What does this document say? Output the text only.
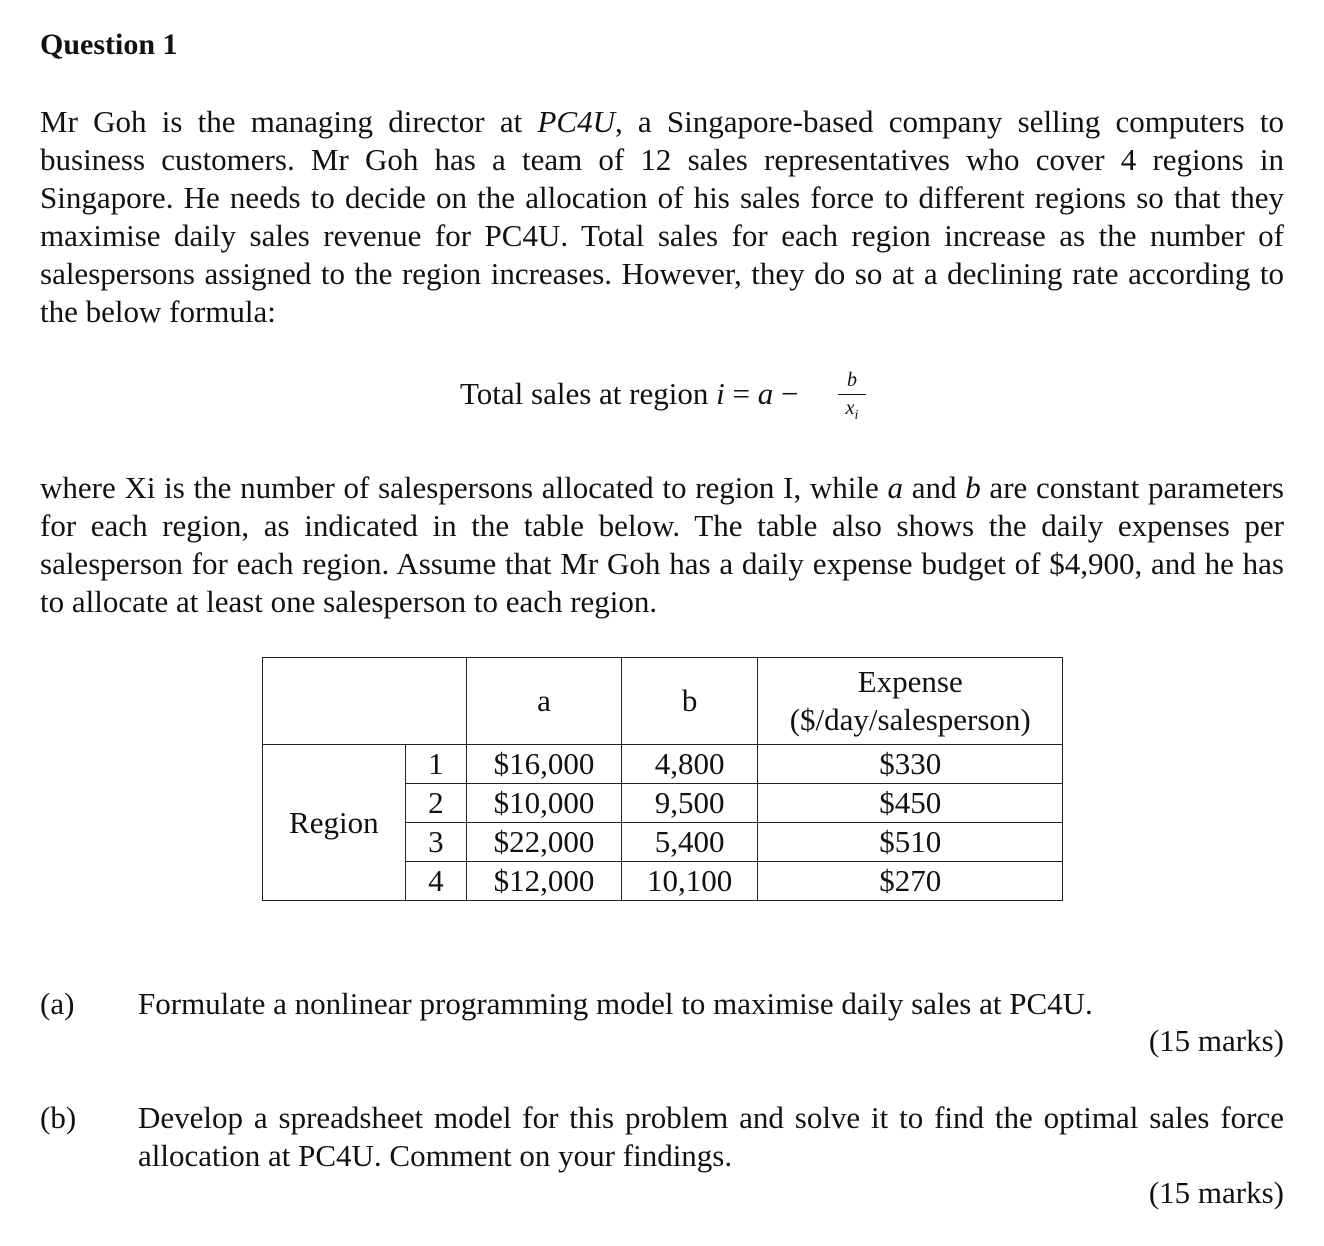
Question 1

Mr Goh is the managing director at PC4U, a Singapore-based company selling computers to business customers. Mr Goh has a team of 12 sales representatives who cover 4 regions in Singapore. He needs to decide on the allocation of his sales force to different regions so that they maximise daily sales revenue for PC4U. Total sales for each region increase as the number of salespersons assigned to the region increases. However, they do so at a declining rate according to the below formula:

Total sales at region i = a −	b
$x_i$

where Xi is the number of salespersons allocated to region I, while a and b are constant parameters for each region, as indicated in the table below. The table also shows the daily expenses per salesperson for each region. Assume that Mr Goh has a daily expense budget of $4,900, and he has to allocate at least one salesperson to each region.

		a	b	Expense
($/day/salesperson)
Region	1	$16,000	4,800	$330
	2	$10,000	9,500	$450
	3	$22,000	5,400	$510
	4	$12,000	10,100	$270

(a) Formulate a nonlinear programming model to maximise daily sales at PC4U.

(15 marks)

(b) Develop a spreadsheet model for this problem and solve it to find the optimal sales force allocation at PC4U. Comment on your findings.

(15 marks)
